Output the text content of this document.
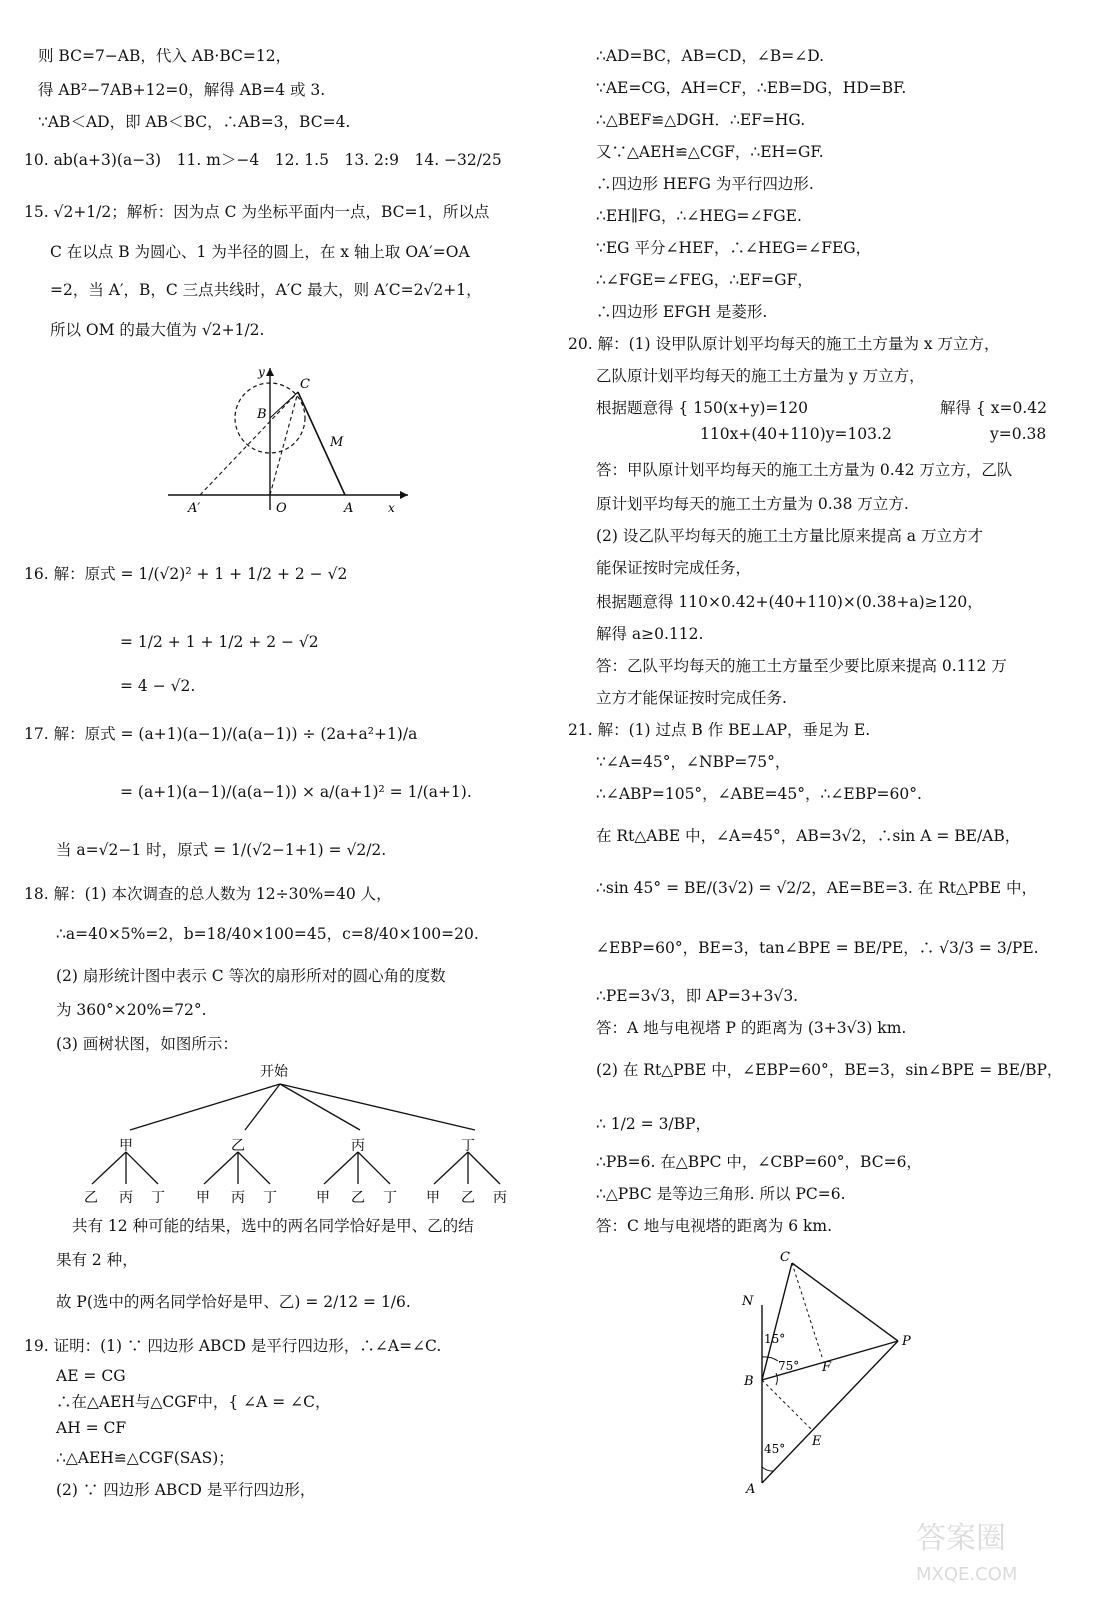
则 BC=7−AB，代入 AB·BC=12，
得 AB²−7AB+12=0，解得 AB=4 或 3.
∵AB＜AD，即 AB＜BC，∴AB=3，BC=4.
10. ab(a+3)(a−3)　11. m＞−4　12. 1.5　13. 2:9　14. −32/25
15. √2+1/2；解析：因为点 C 为坐标平面内一点，BC=1，所以点
C 在以点 B 为圆心、1 为半径的圆上，在 x 轴上取 OA′=OA
=2，当 A′，B，C 三点共线时，A′C 最大，则 A′C=2√2+1，
所以 OM 的最大值为 √2+1/2.
16. 解：原式 = 1/(√2)² + 1 + 1/2 + 2 − √2
= 1/2 + 1 + 1/2 + 2 − √2
= 4 − √2.
17. 解：原式 = (a+1)(a−1)/(a(a−1)) ÷ (2a+a²+1)/a
= (a+1)(a−1)/(a(a−1)) × a/(a+1)² = 1/(a+1).
当 a=√2−1 时，原式 = 1/(√2−1+1) = √2/2.
18. 解：(1) 本次调查的总人数为 12÷30%=40 人，
∴a=40×5%=2，b=18/40×100=45，c=8/40×100=20.
(2) 扇形统计图中表示 C 等次的扇形所对的圆心角的度数
为 360°×20%=72°.
(3) 画树状图，如图所示：
共有 12 种可能的结果，选中的两名同学恰好是甲、乙的结
果有 2 种，
故 P(选中的两名同学恰好是甲、乙) = 2/12 = 1/6.
19. 证明：(1) ∵ 四边形 ABCD 是平行四边形，∴∠A=∠C.
AE = CG
∴在△AEH与△CGF中，{ ∠A = ∠C，
AH = CF
∴△AEH≌△CGF(SAS)；
(2) ∵ 四边形 ABCD 是平行四边形，
∴AD=BC，AB=CD，∠B=∠D.
∵AE=CG，AH=CF，∴EB=DG，HD=BF.
∴△BEF≌△DGH．∴EF=HG.
又∵△AEH≌△CGF，∴EH=GF.
∴四边形 HEFG 为平行四边形.
∴EH∥FG，∴∠HEG=∠FGE.
∵EG 平分∠HEF，∴∠HEG=∠FEG，
∴∠FGE=∠FEG，∴EF=GF，
∴四边形 EFGH 是菱形.
20. 解：(1) 设甲队原计划平均每天的施工土方量为 x 万立方，
乙队原计划平均每天的施工土方量为 y 万立方，
根据题意得 { 150(x+y)=120
110x+(40+110)y=103.2
解得 { x=0.42
y=0.38
答：甲队原计划平均每天的施工土方量为 0.42 万立方，乙队
原计划平均每天的施工土方量为 0.38 万立方.
(2) 设乙队平均每天的施工土方量比原来提高 a 万立方才
能保证按时完成任务，
根据题意得 110×0.42+(40+110)×(0.38+a)≥120，
解得 a≥0.112.
答：乙队平均每天的施工土方量至少要比原来提高 0.112 万
立方才能保证按时完成任务.
21. 解：(1) 过点 B 作 BE⊥AP，垂足为 E.
∵∠A=45°，∠NBP=75°，
∴∠ABP=105°，∠ABE=45°，∴∠EBP=60°.
在 Rt△ABE 中，∠A=45°，AB=3√2，∴sin A = BE/AB，
∴sin 45° = BE/(3√2) = √2/2，AE=BE=3. 在 Rt△PBE 中，
∠EBP=60°，BE=3，tan∠BPE = BE/PE，∴ √3/3 = 3/PE.
∴PE=3√3，即 AP=3+3√3.
答：A 地与电视塔 P 的距离为 (3+3√3) km.
(2) 在 Rt△PBE 中，∠EBP=60°，BE=3，sin∠BPE = BE/BP，
∴ 1/2 = 3/BP，
∴PB=6. 在△BPC 中，∠CBP=60°，BC=6，
∴△PBC 是等边三角形. 所以 PC=6.
答：C 地与电视塔的距离为 6 km.
y
C
B
M
A′	O	A	x
开始
甲	乙	丙	丁
乙 丙 丁 甲 丙 丁	甲 乙 丁 甲 乙 丙
C
N
P
B
F
E
A
15°
75°
45°
答案圈
MXQE.COM
